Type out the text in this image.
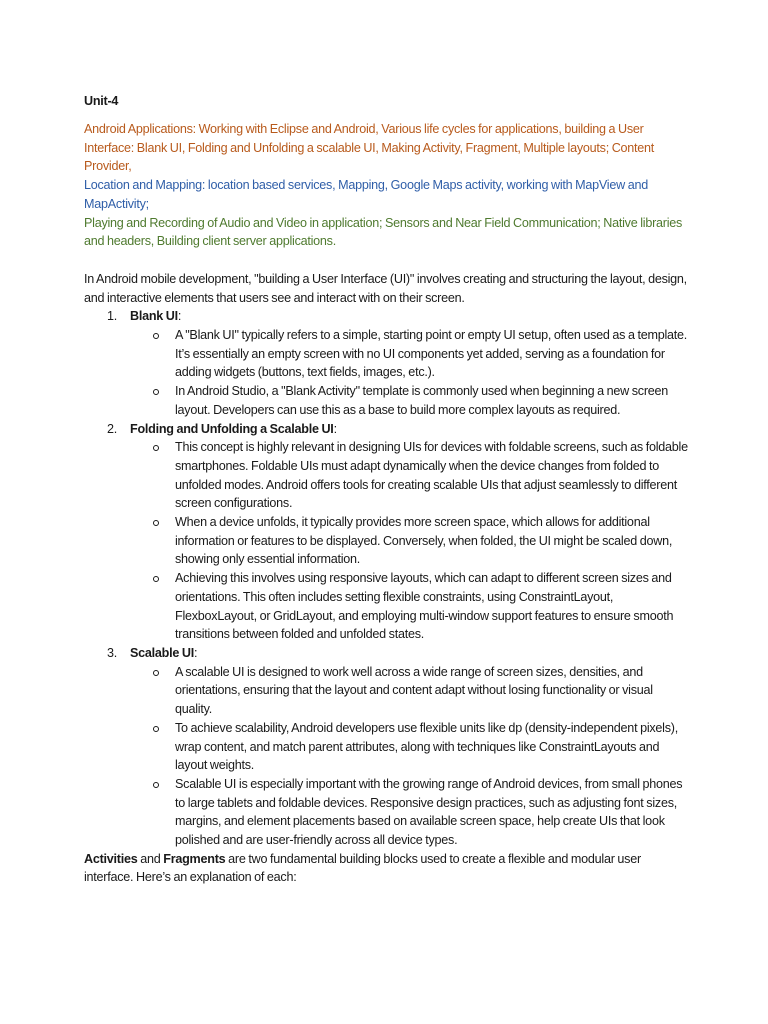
Unit-4

Android Applications: Working with Eclipse and Android, Various life cycles for applications, building a User Interface: Blank UI, Folding and Unfolding a scalable UI, Making Activity, Fragment, Multiple layouts; Content Provider,

Location and Mapping: location based services, Mapping, Google Maps activity, working with MapView and MapActivity;

Playing and Recording of Audio and Video in application; Sensors and Near Field Communication; Native libraries and headers, Building client server applications.

In Android mobile development, "building a User Interface (UI)" involves creating and structuring the layout, design, and interactive elements that users see and interact with on their screen.

1.	Blank UI:
A "Blank UI" typically refers to a simple, starting point or empty UI setup, often used as a template. It’s essentially an empty screen with no UI components yet added, serving as a foundation for adding widgets (buttons, text fields, images, etc.).
In Android Studio, a "Blank Activity" template is commonly used when beginning a new screen layout. Developers can use this as a base to build more complex layouts as required.
2.	Folding and Unfolding a Scalable UI:
This concept is highly relevant in designing UIs for devices with foldable screens, such as foldable smartphones. Foldable UIs must adapt dynamically when the device changes from folded to unfolded modes. Android offers tools for creating scalable UIs that adjust seamlessly to different screen configurations.
When a device unfolds, it typically provides more screen space, which allows for additional information or features to be displayed. Conversely, when folded, the UI might be scaled down, showing only essential information.
Achieving this involves using responsive layouts, which can adapt to different screen sizes and orientations. This often includes setting flexible constraints, using ConstraintLayout, FlexboxLayout, or GridLayout, and employing multi-window support features to ensure smooth transitions between folded and unfolded states.
3.	Scalable UI:
A scalable UI is designed to work well across a wide range of screen sizes, densities, and orientations, ensuring that the layout and content adapt without losing functionality or visual quality.
To achieve scalability, Android developers use flexible units like dp (density-independent pixels), wrap content, and match parent attributes, along with techniques like ConstraintLayouts and layout weights.
Scalable UI is especially important with the growing range of Android devices, from small phones to large tablets and foldable devices. Responsive design practices, such as adjusting font sizes, margins, and element placements based on available screen space, help create UIs that look polished and are user-friendly across all device types.

Activities and Fragments are two fundamental building blocks used to create a flexible and modular user interface. Here’s an explanation of each:
